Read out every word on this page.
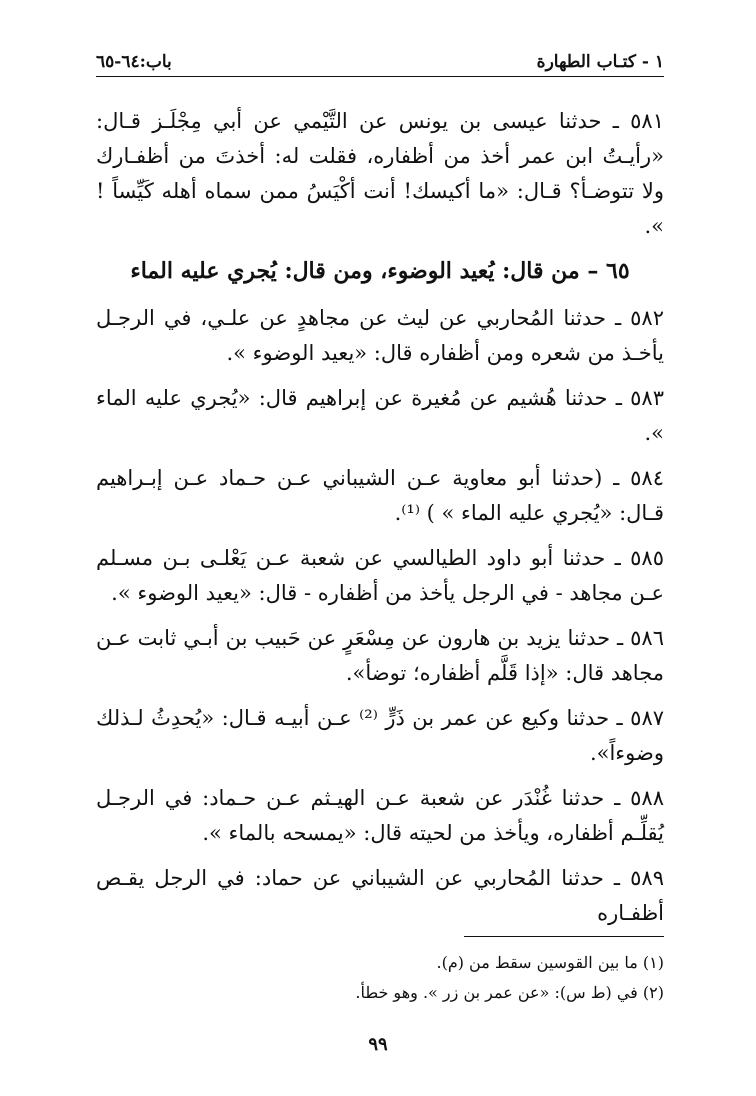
١ - كتـاب الطهارة
باب:٦٤-٦٥

٥٨١ ـ حدثنا عيسى بن يونس عن التَّيْمي عن أبي مِجْلَـز قـال: «رأيـتُ ابن عمر أخذ من أظفاره، فقلت له: أخذتَ من أظفـارك ولا تتوضـأ؟ قـال: «ما أكيسك! أنت أكْيَسُ ممن سماه أهله كَيِّساً ! ».

٦٥ – من قال: يُعيد الوضوء، ومن قال: يُجري عليه الماء

٥٨٢ ـ حدثنا المُحاربي عن ليث عن مجاهدٍ عن علـي، في الرجـل يأخـذ من شعره ومن أظفاره قال: «يعيد الوضوء ».

٥٨٣ ـ حدثنا هُشيم عن مُغيرة عن إبراهيم قال: «يُجري عليه الماء ».

٥٨٤ ـ (حدثنا أبو معاوية عـن الشيباني عـن حـماد عـن إبـراهيم قـال: «يُجري عليه الماء » ) ⁽¹⁾.

٥٨٥ ـ حدثنا أبو داود الطيالسي عن شعبة عـن يَعْلـى بـن مسـلم عـن مجاهد - في الرجل يأخذ من أظفاره - قال: «يعيد الوضوء ».

٥٨٦ ـ حدثنا يزيد بن هارون عن مِسْعَرٍ عن حَبيب بن أبـي ثابت عـن مجاهد قال: «إذا قَلَّم أظفاره؛ توضأ».

٥٨٧ ـ حدثنا وكيع عن عمر بن ذَرٍّ ⁽²⁾ عـن أبيـه قـال: «يُحدِثُ لـذلك وضوءاً».

٥٨٨ ـ حدثنا غُنْدَر عن شعبة عـن الهيـثم عـن حـماد: في الرجـل يُقلِّـم أظفاره، ويأخذ من لحيته قال: «يمسحه بالماء ».

٥٨٩ ـ حدثنا المُحاربي عن الشيباني عن حماد: في الرجل يقـص أظفـاره

(١) ما بين القوسين سقط من (م).

(٢) في (ط س): «عن عمر بن زر ». وهو خطأ.

٩٩
